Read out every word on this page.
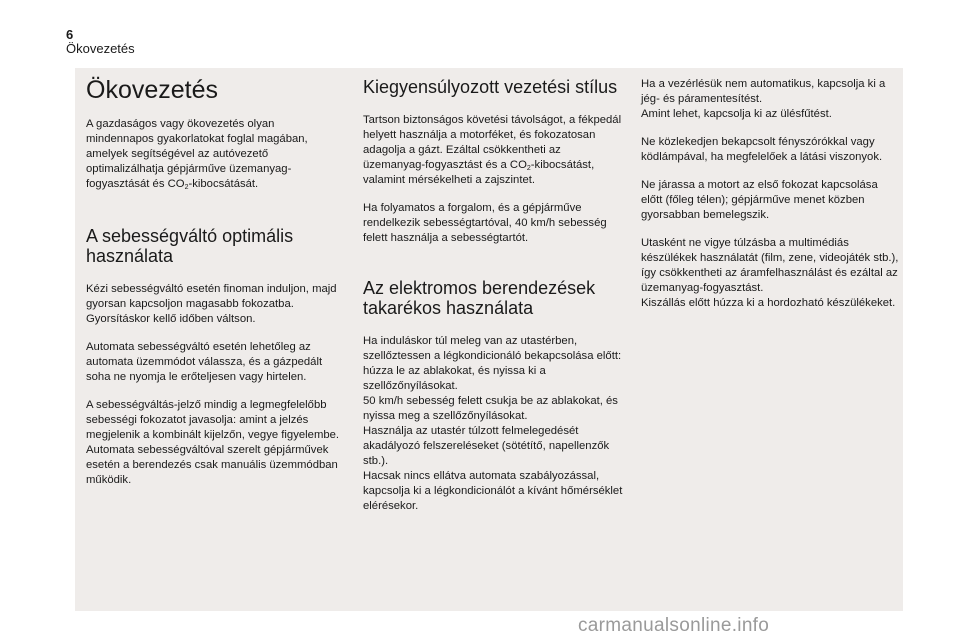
6
Ökovezetés
Ökovezetés

A gazdaságos vagy ökovezetés olyan mindennapos gyakorlatokat foglal magában, amelyek segítségével az autóvezető optimalizálhatja gépjárműve üzemanyag-fogyasztását és $CO_2$-kibocsátását.

A sebességváltó optimális használata

Kézi sebességváltó esetén finoman induljon, majd gyorsan kapcsoljon magasabb fokozatba. Gyorsításkor kellő időben váltson.

Automata sebességváltó esetén lehetőleg az automata üzemmódot válassza, és a gázpedált soha ne nyomja le erőteljesen vagy hirtelen.

A sebességváltás-jelző mindig a legmegfelelőbb sebességi fokozatot javasolja: amint a jelzés megjelenik a kombinált kijelzőn, vegye figyelembe. Automata sebességváltóval szerelt gépjárművek esetén a berendezés csak manuális üzemmódban működik.

Kiegyensúlyozott vezetési stílus

Tartson biztonságos követési távolságot, a fékpedál helyett használja a motorféket, és fokozatosan adagolja a gázt. Ezáltal csökkentheti az üzemanyag-fogyasztást és a $CO_2$-kibocsátást, valamint mérsékelheti a zajszintet.

Ha folyamatos a forgalom, és a gépjárműve rendelkezik sebességtartóval, 40 km/h sebesség felett használja a sebességtartót.

Az elektromos berendezések takarékos használata

Ha induláskor túl meleg van az utastérben, szellőztessen a légkondicionáló bekapcsolása előtt: húzza le az ablakokat, és nyissa ki a szellőzőnyílásokat.
50 km/h sebesség felett csukja be az ablakokat, és nyissa meg a szellőzőnyílásokat.
Használja az utastér túlzott felmelegedését akadályozó felszereléseket (sötétítő, napellenzők stb.).
Hacsak nincs ellátva automata szabályozással, kapcsolja ki a légkondicionálót a kívánt hőmérséklet elérésekor.

Ha a vezérlésük nem automatikus, kapcsolja ki a jég- és páramentesítést.
Amint lehet, kapcsolja ki az ülésfűtést.

Ne közlekedjen bekapcsolt fényszórókkal vagy ködlámpával, ha megfelelőek a látási viszonyok.

Ne járassa a motort az első fokozat kapcsolása előtt (főleg télen); gépjárműve menet közben gyorsabban bemelegszik.

Utasként ne vigye túlzásba a multimédiás készülékek használatát (film, zene, videojáték stb.), így csökkentheti az áramfelhasználást és ezáltal az üzemanyag-fogyasztást.
Kiszállás előtt húzza ki a hordozható készülékeket.

carmanualsonline.info
